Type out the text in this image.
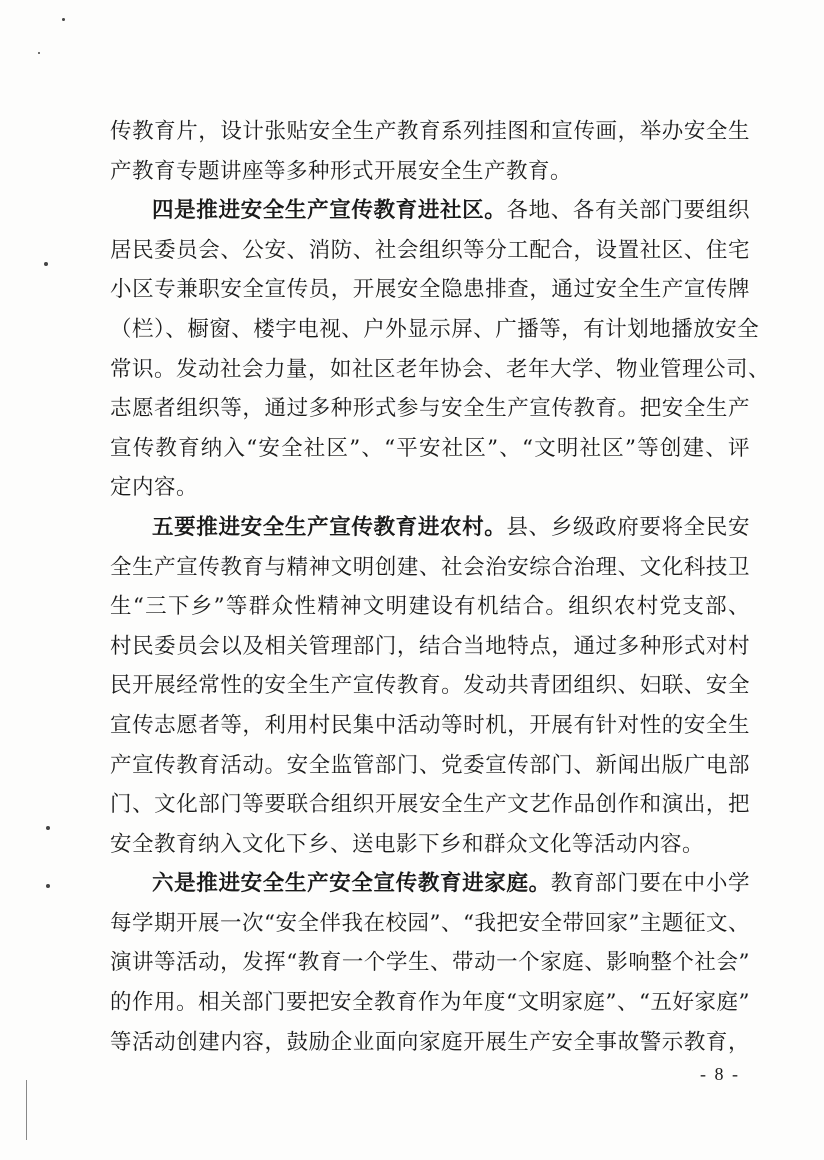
传教育片，设计张贴安全生产教育系列挂图和宣传画，举办安全生
产教育专题讲座等多种形式开展安全生产教育。
四是推进安全生产宣传教育进社区。各地、各有关部门要组织
居民委员会、公安、消防、社会组织等分工配合，设置社区、住宅
小区专兼职安全宣传员，开展安全隐患排查，通过安全生产宣传牌
（栏）、橱窗、楼宇电视、户外显示屏、广播等，有计划地播放安全
常识。发动社会力量，如社区老年协会、老年大学、物业管理公司、
志愿者组织等，通过多种形式参与安全生产宣传教育。把安全生产
宣传教育纳入“安全社区”、“平安社区”、“文明社区”等创建、评
定内容。
五要推进安全生产宣传教育进农村。县、乡级政府要将全民安
全生产宣传教育与精神文明创建、社会治安综合治理、文化科技卫
生“三下乡”等群众性精神文明建设有机结合。组织农村党支部、
村民委员会以及相关管理部门，结合当地特点，通过多种形式对村
民开展经常性的安全生产宣传教育。发动共青团组织、妇联、安全
宣传志愿者等，利用村民集中活动等时机，开展有针对性的安全生
产宣传教育活动。安全监管部门、党委宣传部门、新闻出版广电部
门、文化部门等要联合组织开展安全生产文艺作品创作和演出，把
安全教育纳入文化下乡、送电影下乡和群众文化等活动内容。
六是推进安全生产安全宣传教育进家庭。教育部门要在中小学
每学期开展一次“安全伴我在校园”、“我把安全带回家”主题征文、
演讲等活动，发挥“教育一个学生、带动一个家庭、影响整个社会”
的作用。相关部门要把安全教育作为年度“文明家庭”、“五好家庭”
等活动创建内容，鼓励企业面向家庭开展生产安全事故警示教育，
- 8 -
